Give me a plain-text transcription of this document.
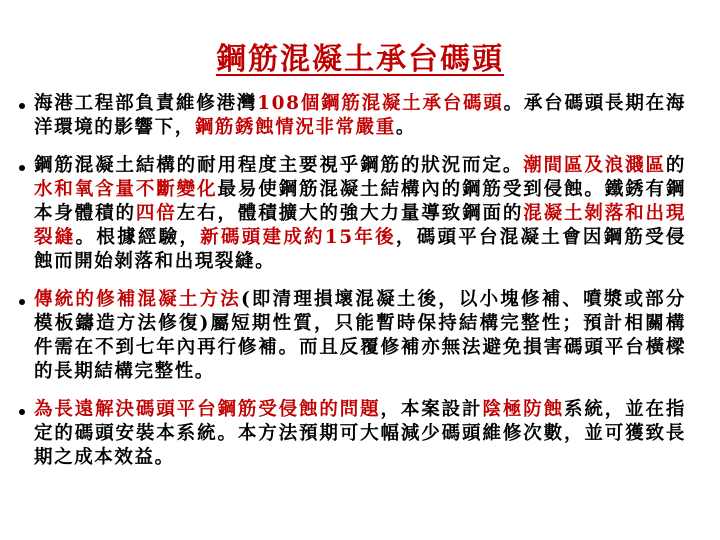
鋼筋混凝土承台碼頭
海港工程部負責維修港灣108個鋼筋混凝土承台碼頭。承台碼頭長期在海洋環境的影響下，鋼筋銹蝕情況非常嚴重。
鋼筋混凝土結構的耐用程度主要視乎鋼筋的狀況而定。潮間區及浪濺區的水和氧含量不斷變化最易使鋼筋混凝土結構內的鋼筋受到侵蝕。鐵銹有鋼本身體積的四倍左右，體積擴大的強大力量導致鋼面的混凝土剝落和出現裂縫。根據經驗，新碼頭建成約15年後，碼頭平台混凝土會因鋼筋受侵蝕而開始剝落和出現裂縫。
傳統的修補混凝土方法(即清理損壞混凝土後，以小塊修補、噴漿或部分模板鑄造方法修復)屬短期性質，只能暫時保持結構完整性；預計相關構件需在不到七年內再行修補。而且反覆修補亦無法避免損害碼頭平台橫樑的長期結構完整性。
為長遠解決碼頭平台鋼筋受侵蝕的問題，本案設計陰極防蝕系統，並在指定的碼頭安裝本系統。本方法預期可大幅減少碼頭維修次數，並可獲致長期之成本效益。
